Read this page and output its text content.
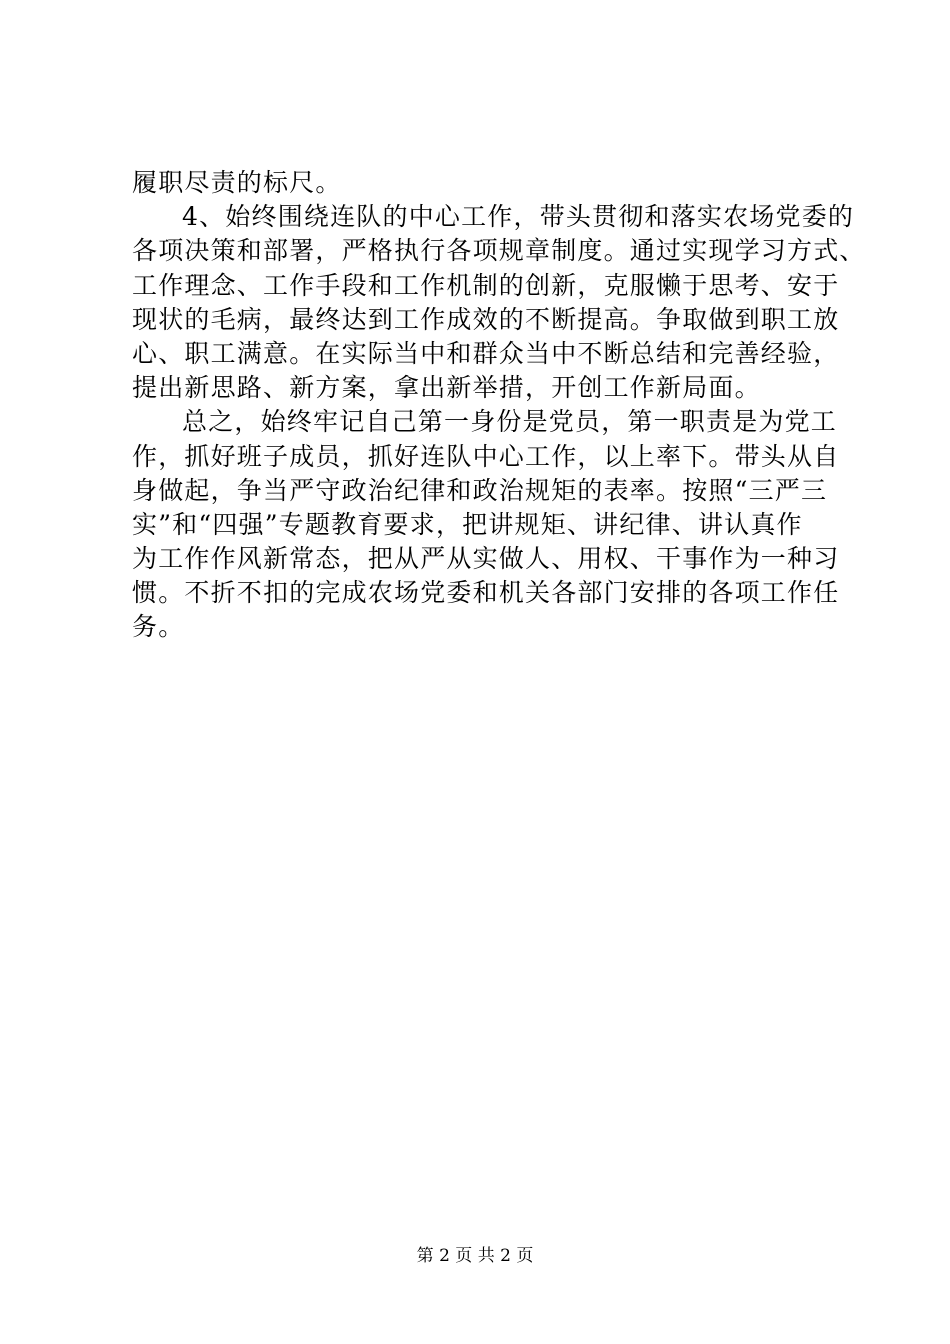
履职尽责的标尺。
4、始终围绕连队的中心工作，带头贯彻和落实农场党委的
各项决策和部署，严格执行各项规章制度。通过实现学习方式、
工作理念、工作手段和工作机制的创新，克服懒于思考、安于
现状的毛病，最终达到工作成效的不断提高。争取做到职工放
心、职工满意。在实际当中和群众当中不断总结和完善经验，
提出新思路、新方案，拿出新举措，开创工作新局面。
总之，始终牢记自己第一身份是党员，第一职责是为党工
作，抓好班子成员，抓好连队中心工作，以上率下。带头从自
身做起，争当严守政治纪律和政治规矩的表率。按照“三严三
实”和“四强”专题教育要求，把讲规矩、讲纪律、讲认真作
为工作作风新常态，把从严从实做人、用权、干事作为一种习
惯。不折不扣的完成农场党委和机关各部门安排的各项工作任
务。
第 2 页 共 2 页
